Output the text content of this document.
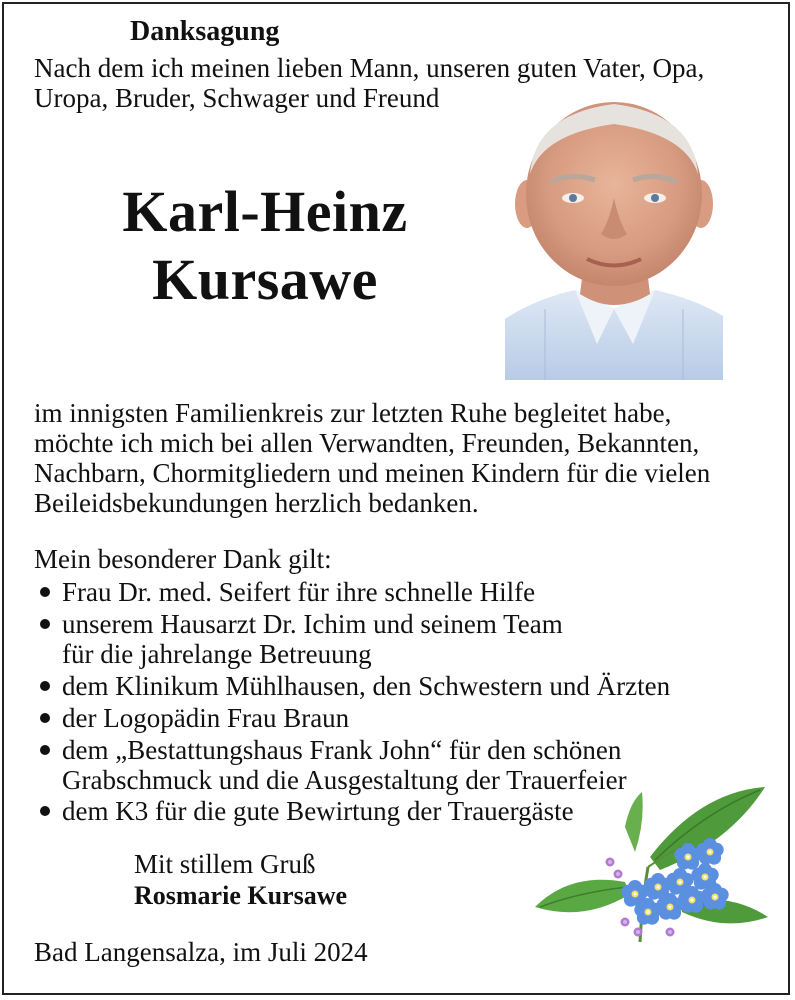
Danksagung
Nach dem ich meinen lieben Mann, unseren guten Vater, Opa,
Uropa, Bruder, Schwager und Freund
Karl-Heinz
Kursawe
im innigsten Familienkreis zur letzten Ruhe begleitet habe,
möchte ich mich bei allen Verwandten, Freunden, Bekannten,
Nachbarn, Chormitgliedern und meinen Kindern für die vielen
Beileidsbekundungen herzlich bedanken.
Mein besonderer Dank gilt:
Frau Dr. med. Seifert für ihre schnelle Hilfe
unserem Hausarzt Dr. Ichim und seinem Team
für die jahrelange Betreuung
dem Klinikum Mühlhausen, den Schwestern und Ärzten
der Logopädin Frau Braun
dem „Bestattungshaus Frank John“ für den schönen
Grabschmuck und die Ausgestaltung der Trauerfeier
dem K3 für die gute Bewirtung der Trauergäste
Mit stillem Gruß
Rosmarie Kursawe
Bad Langensalza, im Juli 2024
